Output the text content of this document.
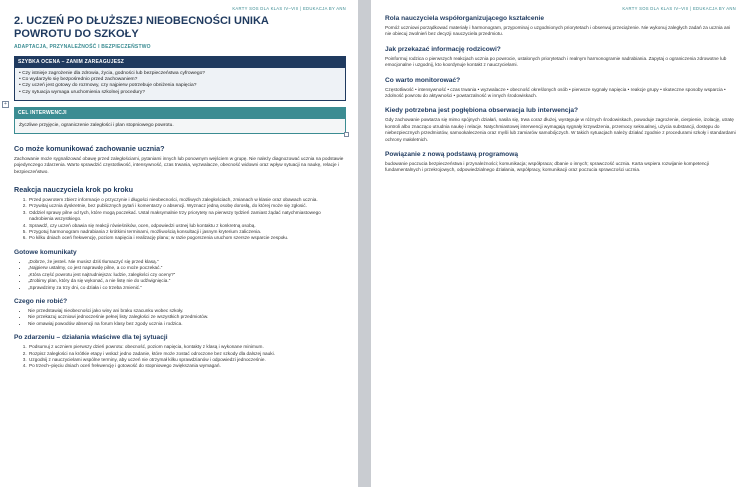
KARTY SOS DLA KLAS IV–VIII | EDUKACJA BY ANN
2. UCZEŃ PO DŁUŻSZEJ NIEOBECNOŚCI UNIKA POWROTU DO SZKOŁY
ADAPTACJA, PRZYNALEŻNOŚĆ I BEZPIECZEŃSTWO
SZYBKA OCENA – ZANIM ZAREAGUJESZ
• Czy istnieje zagrożenie dla zdrowia, życia, godności lub bezpieczeństwa cyfrowego?
• Co wydarzyło się bezpośrednio przed zachowaniem?
• Czy uczeń jest gotowy do rozmowy, czy najpierw potrzebuje obniżenia napięcia?
• Czy sytuacja wymaga uruchomienia szkolnej procedury?
+
CEL INTERWENCJI
Życzliwe przyjęcie, ograniczenie zaległości i plan stopniowego powrotu.
Co może komunikować zachowanie ucznia?

Zachowanie może sygnalizować obawę przed zaległościami, pytaniami innych lub ponownym wejściem w grupę. Nie należy diagnozować ucznia na podstawie pojedynczego zdarzenia. Warto sprawdzić częstotliwość, intensywność, czas trwania, wyzwalacze, obecność widowni oraz wpływ sytuacji na naukę, relacje i bezpieczeństwo.

Reakcja nauczyciela krok po kroku
1. Przed powrotem zbierz informacje o przyczynie i długości nieobecności, możliwych zaległościach, zmianach w klasie oraz obawach ucznia.
2. Przywitaj ucznia dyskretnie, bez publicznych pytań i komentarzy o absencji. Wyznacz jedną osobę dorosłą, do której może się zgłosić.
3. Oddziel sprawy pilne od tych, które mogą poczekać. Ustal maksymalnie trzy priorytety na pierwszy tydzień zamiast żądać natychmiastowego nadrobienia wszystkiego.
4. Sprawdź, czy uczeń obawia się reakcji rówieśników, ocen, odpowiedzi ustnej lub kontaktu z konkretną osobą.
5. Przygotuj harmonogram nadrabiania z krótkimi terminami, możliwością konsultacji i jasnym kryterium zaliczenia.
6. Po kilku dniach oceń frekwencję, poziom napięcia i realizację planu; w razie pogorszenia uruchom szersze wsparcie zespołu.
Gotowe komunikaty
• „Dobrze, że jesteś. Nie musisz dziś tłumaczyć się przed klasą.”
• „Najpierw ustalmy, co jest naprawdę pilne, a co może poczekać.”
• „Która część powrotu jest najtrudniejsza: ludzie, zaległości czy oceny?”
• „Zrobimy plan, który da się wykonać, a nie listę nie do udźwignięcia.”
• „Sprawdzimy za trzy dni, co działa i co trzeba zmienić.”
Czego nie robić?
• Nie przedstawiaj nieobecności jako winy ani braku szacunku wobec szkoły.
• Nie przekazuj uczniowi jednocześnie pełnej listy zaległości ze wszystkich przedmiotów.
• Nie omawiaj powodów absencji na forum klasy bez zgody ucznia i rodzica.
Po zdarzeniu – działania właściwe dla tej sytuacji
1. Podsumuj z uczniem pierwszy dzień powrotu: obecność, poziom napięcia, kontakty z klasą i wykonane minimum.
2. Rozpisz zaległości na krótkie etapy i wskaż jedno zadanie, które może zostać odroczone bez szkody dla dalszej nauki.
3. Uzgodnij z nauczycielami wspólne terminy, aby uczeń nie otrzymał kilku sprawdzianów i odpowiedzi jednocześnie.
4. Po trzech–pięciu dniach oceń frekwencję i gotowość do stopniowego zwiększania wymagań.
KARTY SOS DLA KLAS IV–VIII | EDUKACJA BY ANN
Rola nauczyciela współorganizującego kształcenie

Pomóż uczniowi porządkować materiały i harmonogram, przypominaj o uzgodnionych priorytetach i obserwuj przeciążenie. Nie wykonuj zaległych zadań za ucznia ani nie obiecuj zwolnień bez decyzji nauczyciela przedmiotu.

Jak przekazać informację rodzicowi?

Poinformuj rodzica o pierwszych reakcjach ucznia po powrocie, ustalonych priorytetach i realnym harmonogramie nadrabiania. Zapytaj o ograniczenia zdrowotne lub emocjonalne i uzgodnij, kto koordynuje kontakt z nauczycielami.

Co warto monitorować?

Częstotliwość • intensywność • czas trwania • wyzwalacze • obecność określonych osób • pierwsze sygnały napięcia • reakcje grupy • skuteczne sposoby wsparcia • zdolność powrotu do aktywności • powtarzalność w innych środowiskach.

Kiedy potrzebna jest pogłębiona obserwacja lub interwencja?

Gdy zachowanie powtarza się mimo spójnych działań, nasila się, trwa coraz dłużej, występuje w różnych środowiskach, powoduje zagrożenie, cierpienie, izolację, utratę kontroli albo znacząco utrudnia naukę i relacje. Natychmiastowej interwencji wymagają sygnały krzywdzenia, przemocy seksualnej, użycia substancji, dostępu do niebezpiecznych przedmiotów, samookaleczenia oraz myśli lub zamiarów samobójczych. W takich sytuacjach należy działać zgodnie z procedurami szkoły i standardami ochrony małoletnich.

Powiązanie z nową podstawą programową

budowanie poczucia bezpieczeństwa i przynależności; komunikacja; współpraca; dbanie o innych; sprawczość ucznia. Karta wspiera rozwijanie kompetencji fundamentalnych i przekrojowych, odpowiedzialnego działania, współpracy, komunikacji oraz poczucia sprawczości ucznia.
